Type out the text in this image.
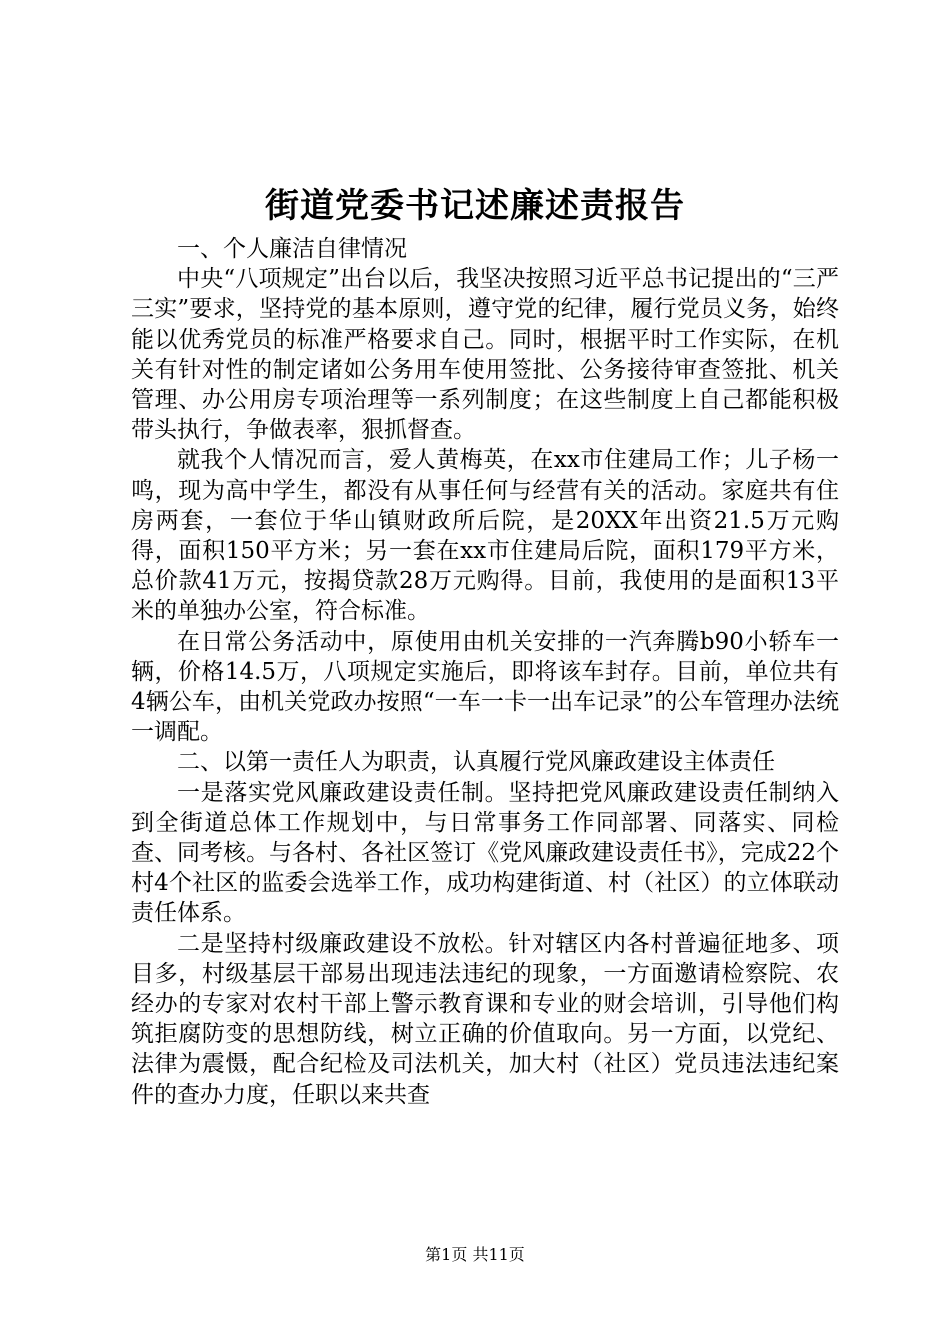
街道党委书记述廉述责报告

一、个人廉洁自律情况

中央“八项规定”出台以后，我坚决按照习近平总书记提出的“三严三实”要求，坚持党的基本原则，遵守党的纪律，履行党员义务，始终能以优秀党员的标准严格要求自己。同时，根据平时工作实际，在机关有针对性的制定诸如公务用车使用签批、公务接待审查签批、机关管理、办公用房专项治理等一系列制度；在这些制度上自己都能积极带头执行，争做表率，狠抓督查。

就我个人情况而言，爱人黄梅英，在xx市住建局工作；儿子杨一鸣，现为高中学生，都没有从事任何与经营有关的活动。家庭共有住房两套，一套位于华山镇财政所后院，是20XX年出资21.5万元购得，面积150平方米；另一套在xx市住建局后院，面积179平方米，总价款41万元，按揭贷款28万元购得。目前，我使用的是面积13平米的单独办公室，符合标准。

在日常公务活动中，原使用由机关安排的一汽奔腾b90小轿车一辆，价格14.5万，八项规定实施后，即将该车封存。目前，单位共有4辆公车，由机关党政办按照“一车一卡一出车记录”的公车管理办法统一调配。

二、以第一责任人为职责，认真履行党风廉政建设主体责任

一是落实党风廉政建设责任制。坚持把党风廉政建设责任制纳入到全街道总体工作规划中，与日常事务工作同部署、同落实、同检查、同考核。与各村、各社区签订《党风廉政建设责任书》，完成22个村4个社区的监委会选举工作，成功构建街道、村（社区）的立体联动责任体系。

二是坚持村级廉政建设不放松。针对辖区内各村普遍征地多、项目多，村级基层干部易出现违法违纪的现象，一方面邀请检察院、农经办的专家对农村干部上警示教育课和专业的财会培训，引导他们构筑拒腐防变的思想防线，树立正确的价值取向。另一方面，以党纪、法律为震慑，配合纪检及司法机关，加大村（社区）党员违法违纪案件的查办力度，任职以来共查

第1页 共11页
